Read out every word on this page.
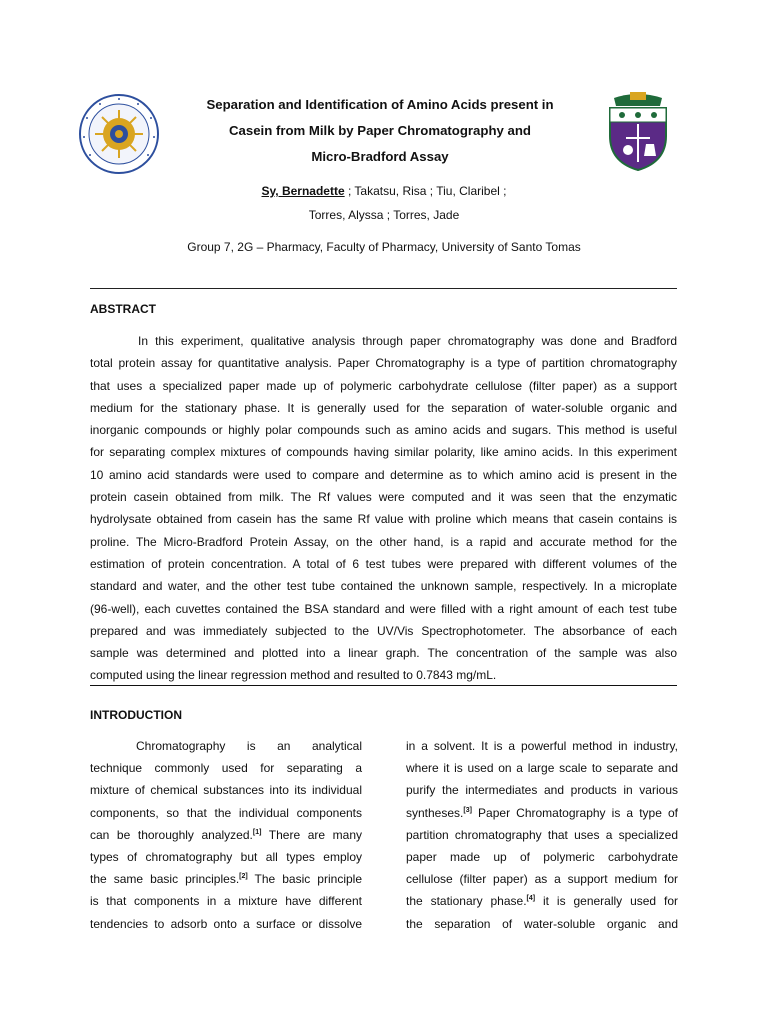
Separation and Identification of Amino Acids present in
Casein from Milk by Paper Chromatography and
Micro-Bradford Assay
Sy, Bernadette ; Takatsu, Risa ; Tiu, Claribel ;
Torres, Alyssa ; Torres, Jade
Group 7, 2G – Pharmacy, Faculty of Pharmacy, University of Santo Tomas
ABSTRACT
In this experiment, qualitative analysis through paper chromatography was done and Bradford
total protein assay for quantitative analysis. Paper Chromatography is a type of partition chromatography
that uses a specialized paper made up of polymeric carbohydrate cellulose (filter paper) as a support
medium for the stationary phase. It is generally used for the separation of water-soluble organic and
inorganic compounds or highly polar compounds such as amino acids and sugars. This method is useful
for separating complex mixtures of compounds having similar polarity, like amino acids. In this experiment
10 amino acid standards were used to compare and determine as to which amino acid is present in the
protein casein obtained from milk. The Rf values were computed and it was seen that the enzymatic
hydrolysate obtained from casein has the same Rf value with proline which means that casein contains is
proline. The Micro-Bradford Protein Assay, on the other hand, is a rapid and accurate method for the
estimation of protein concentration. A total of 6 test tubes were prepared with different volumes of the
standard and water, and the other test tube contained the unknown sample, respectively. In a microplate
(96-well), each cuvettes contained the BSA standard and were filled with a right amount of each test tube
prepared and was immediately subjected to the UV/Vis Spectrophotometer. The absorbance of each
sample was determined and plotted into a linear graph. The concentration of the sample was also
computed using the linear regression method and resulted to 0.7843 mg/mL.
INTRODUCTION
Chromatography is an analytical
technique commonly used for separating a
mixture of chemical substances into its individual
components, so that the individual components
can be thoroughly analyzed.[1] There are many
types of chromatography but all types employ
the same basic principles.[2] The basic principle
is that components in a mixture have different
tendencies to adsorb onto a surface or dissolve
in a solvent. It is a powerful method in industry,
where it is used on a large scale to separate and
purify the intermediates and products in various
syntheses.[3] Paper Chromatography is a type of
partition chromatography that uses a specialized
paper made up of polymeric carbohydrate
cellulose (filter paper) as a support medium for
the stationary phase.[4] it is generally used for
the separation of water-soluble organic and
